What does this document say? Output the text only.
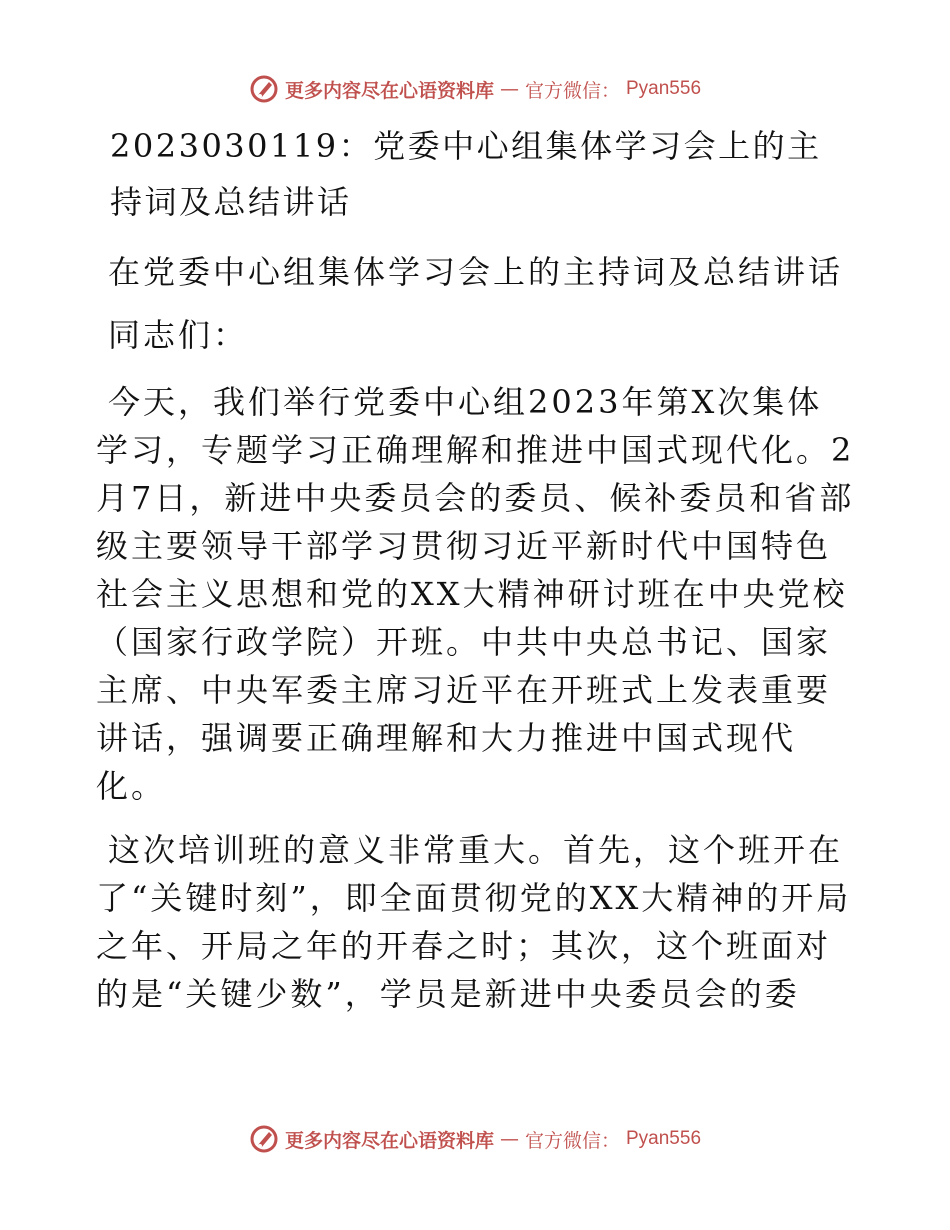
更多内容尽在心语资料库 — 官方微信： Pyan556
2023030119：党委中心组集体学习会上的主持词及总结讲话

在党委中心组集体学习会上的主持词及总结讲话

同志们：

今天，我们举行党委中心组2023年第X次集体学习，专题学习正确理解和推进中国式现代化。2月7日，新进中央委员会的委员、候补委员和省部级主要领导干部学习贯彻习近平新时代中国特色社会主义思想和党的XX大精神研讨班在中央党校（国家行政学院）开班。中共中央总书记、国家主席、中央军委主席习近平在开班式上发表重要讲话，强调要正确理解和大力推进中国式现代化。

这次培训班的意义非常重大。首先，这个班开在了“关键时刻”，即全面贯彻党的XX大精神的开局之年、开局之年的开春之时；其次，这个班面对的是“关键少数”，学员是新进中央委员会的委

更多内容尽在心语资料库 — 官方微信： Pyan556
